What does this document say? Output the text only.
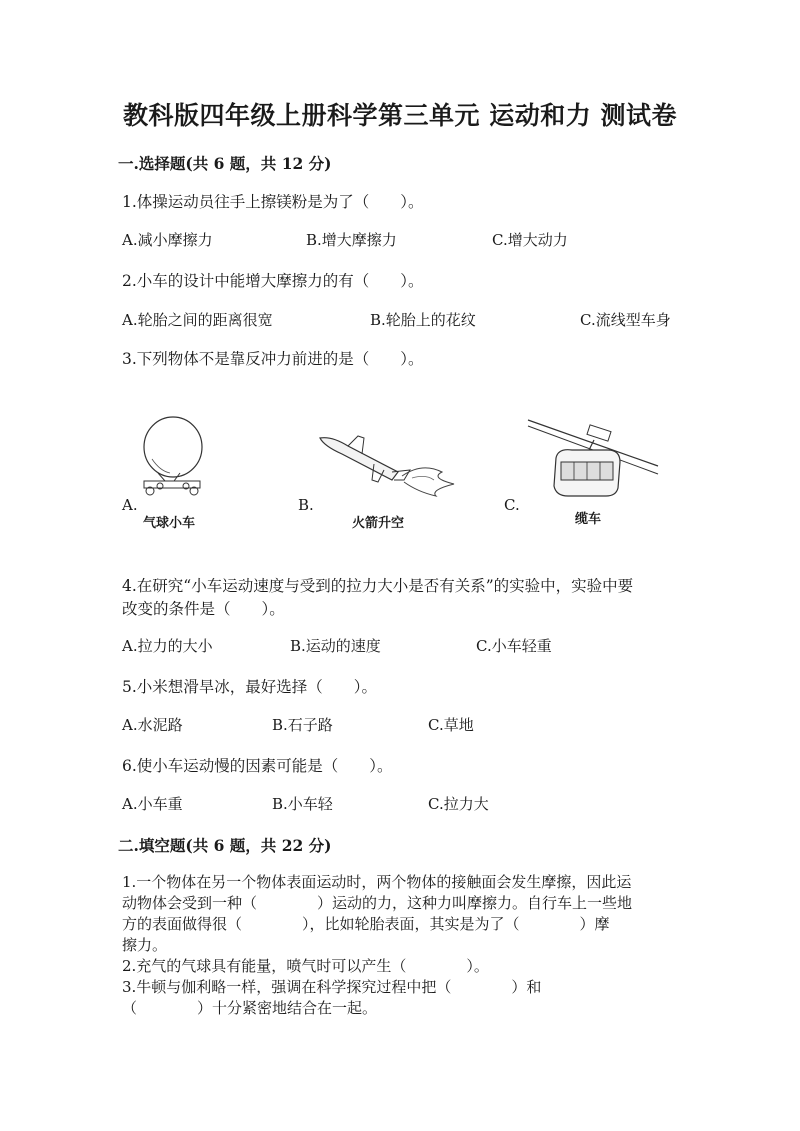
教科版四年级上册科学第三单元 运动和力 测试卷
一.选择题(共 6 题，共 12 分)
1.体操运动员往手上擦镁粉是为了（　　）。
A.减小摩擦力	B.增大摩擦力	C.增大动力
2.小车的设计中能增大摩擦力的有（　　）。
A.轮胎之间的距离很宽	B.轮胎上的花纹	C.流线型车身
3.下列物体不是靠反冲力前进的是（　　）。
A.
气球小车
B.
火箭升空
C.
缆车
4.在研究“小车运动速度与受到的拉力大小是否有关系”的实验中，实验中要
改变的条件是（　　）。
A.拉力的大小	B.运动的速度	C.小车轻重
5.小米想滑旱冰，最好选择（　　）。
A.水泥路	B.石子路	C.草地
6.使小车运动慢的因素可能是（　　）。
A.小车重	B.小车轻	C.拉力大
二.填空题(共 6 题，共 22 分)
1.一个物体在另一个物体表面运动时，两个物体的接触面会发生摩擦，因此运
动物体会受到一种（　　　　）运动的力，这种力叫摩擦力。自行车上一些地
方的表面做得很（　　　　），比如轮胎表面，其实是为了（　　　　）摩
擦力。
2.充气的气球具有能量，喷气时可以产生（　　　　）。
3.牛顿与伽利略一样，强调在科学探究过程中把（　　　　）和
（　　　　）十分紧密地结合在一起。
